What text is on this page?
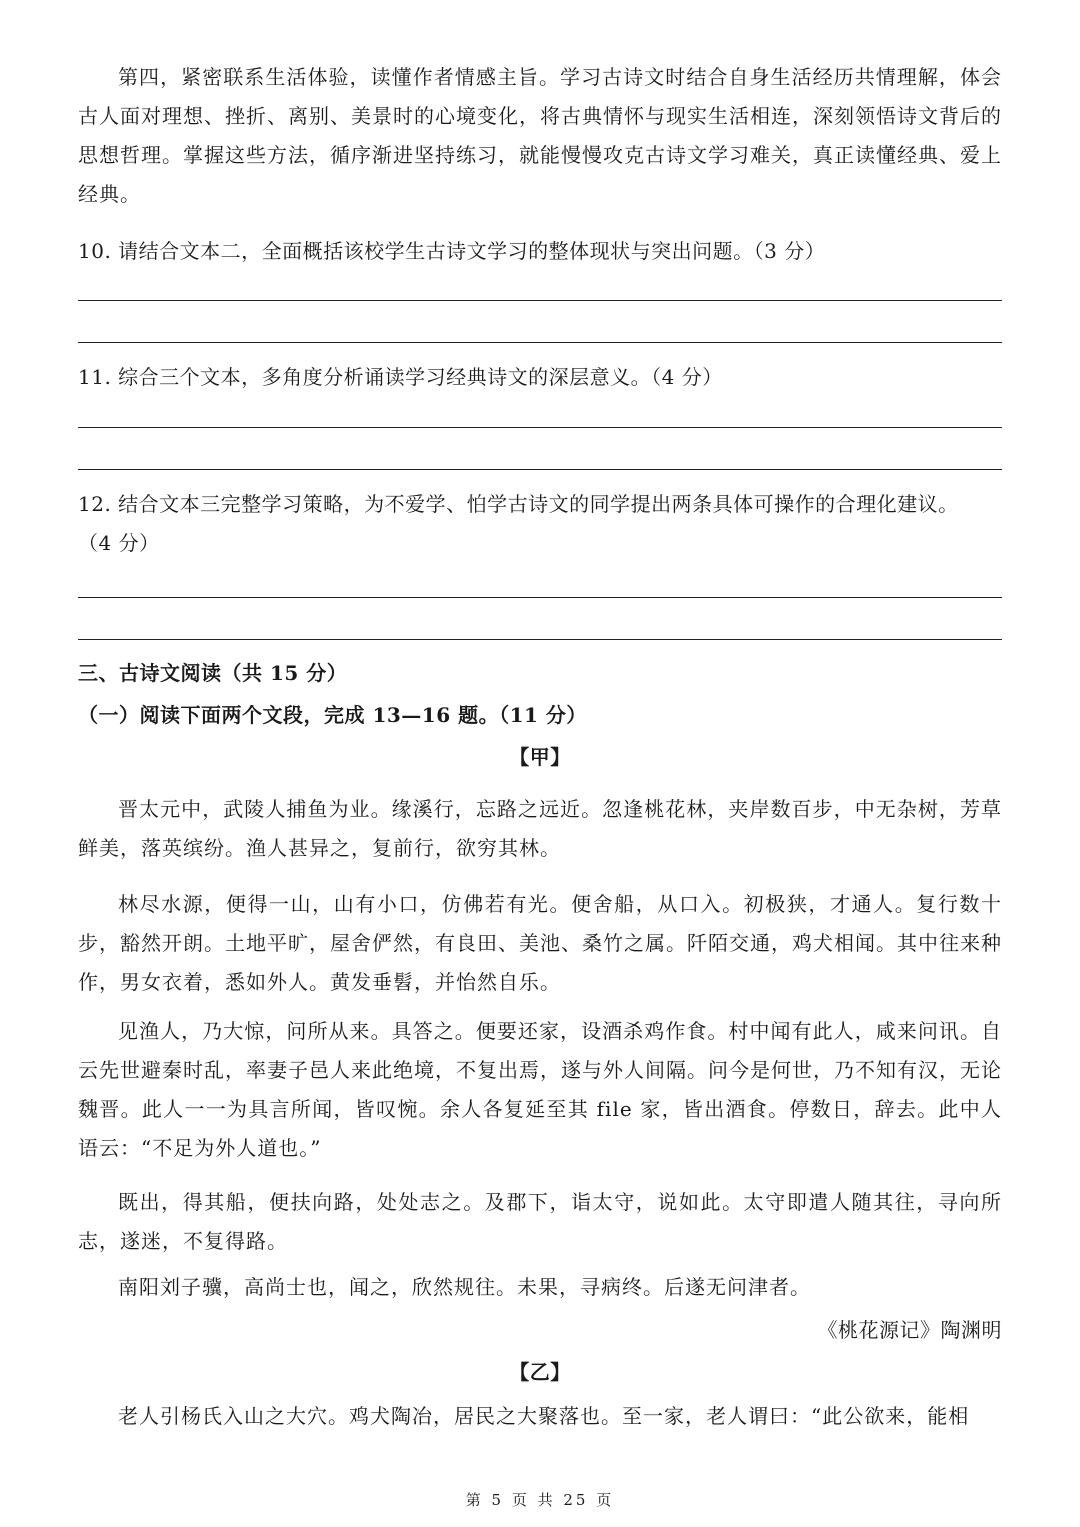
第四，紧密联系生活体验，读懂作者情感主旨。学习古诗文时结合自身生活经历共情理解，体会古人面对理想、挫折、离别、美景时的心境变化，将古典情怀与现实生活相连，深刻领悟诗文背后的思想哲理。掌握这些方法，循序渐进坚持练习，就能慢慢攻克古诗文学习难关，真正读懂经典、爱上经典。

10. 请结合文本二，全面概括该校学生古诗文学习的整体现状与突出问题。（3 分）

11. 综合三个文本，多角度分析诵读学习经典诗文的深层意义。（4 分）

12. 结合文本三完整学习策略，为不爱学、怕学古诗文的同学提出两条具体可操作的合理化建议。
（4 分）

三、古诗文阅读（共 15 分）

（一）阅读下面两个文段，完成 13—16 题。（11 分）

【甲】

晋太元中，武陵人捕鱼为业。缘溪行，忘路之远近。忽逢桃花林，夹岸数百步，中无杂树，芳草鲜美，落英缤纷。渔人甚异之，复前行，欲穷其林。

林尽水源，便得一山，山有小口，仿佛若有光。便舍船，从口入。初极狭，才通人。复行数十步，豁然开朗。土地平旷，屋舍俨然，有良田、美池、桑竹之属。阡陌交通，鸡犬相闻。其中往来种作，男女衣着，悉如外人。黄发垂髫，并怡然自乐。

见渔人，乃大惊，问所从来。具答之。便要还家，设酒杀鸡作食。村中闻有此人，咸来问讯。自云先世避秦时乱，率妻子邑人来此绝境，不复出焉，遂与外人间隔。问今是何世，乃不知有汉，无论魏晋。此人一一为具言所闻，皆叹惋。余人各复延至其 file 家，皆出酒食。停数日，辞去。此中人语云：“不足为外人道也。”

既出，得其船，便扶向路，处处志之。及郡下，诣太守，说如此。太守即遣人随其往，寻向所志，遂迷，不复得路。

南阳刘子骥，高尚士也，闻之，欣然规往。未果，寻病终。后遂无问津者。

《桃花源记》陶渊明

【乙】

老人引杨氏入山之大穴。鸡犬陶冶，居民之大聚落也。至一家，老人谓曰：“此公欲来，能相

第 5 页 共 25 页
